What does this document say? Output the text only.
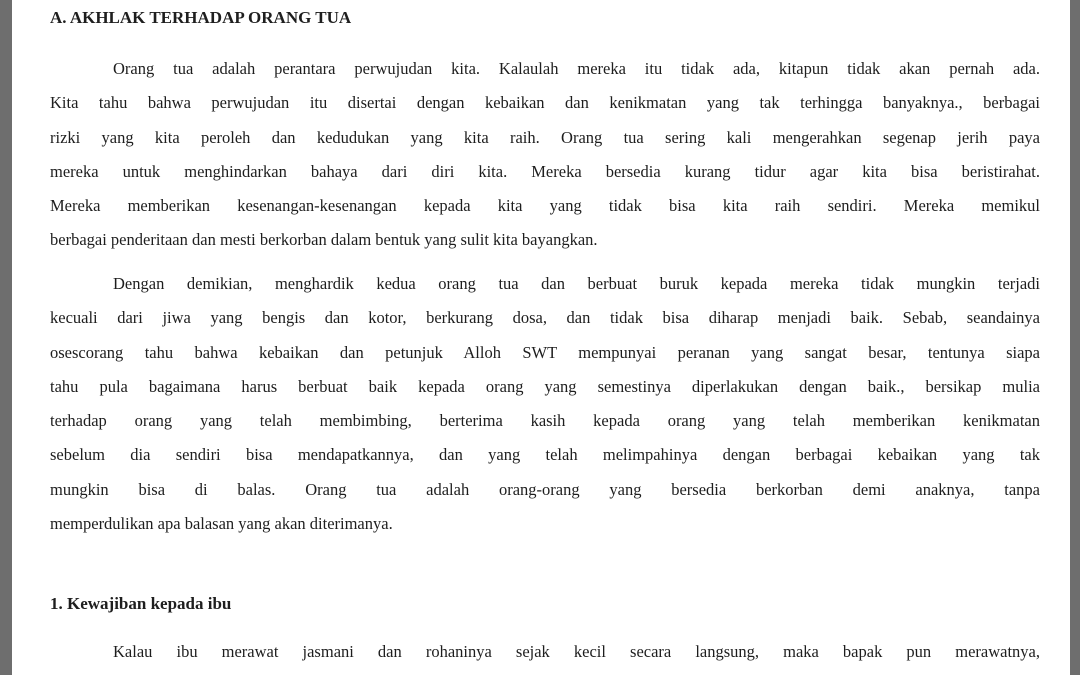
A. AKHLAK TERHADAP ORANG TUA
Orang tua adalah perantara perwujudan kita. Kalaulah mereka itu tidak ada, kitapun tidak akan pernah ada.
Kita tahu bahwa perwujudan itu disertai dengan kebaikan dan kenikmatan yang tak terhingga banyaknya., berbagai
rizki yang kita peroleh dan kedudukan yang kita raih. Orang tua sering kali mengerahkan segenap jerih paya
mereka untuk menghindarkan bahaya dari diri kita. Mereka bersedia kurang tidur agar kita bisa beristirahat.
Mereka memberikan kesenangan-kesenangan kepada kita yang tidak bisa kita raih sendiri. Mereka memikul
berbagai penderitaan dan mesti berkorban dalam bentuk yang sulit kita bayangkan.
Dengan demikian, menghardik kedua orang tua dan berbuat buruk kepada mereka tidak mungkin terjadi
kecuali dari jiwa yang bengis dan kotor, berkurang dosa, dan tidak bisa diharap menjadi baik. Sebab, seandainya
osescorang tahu bahwa kebaikan dan petunjuk Alloh SWT mempunyai peranan yang sangat besar, tentunya siapa
tahu pula bagaimana harus berbuat baik kepada orang yang semestinya diperlakukan dengan baik., bersikap mulia
terhadap orang yang telah membimbing, berterima kasih kepada orang yang telah memberikan kenikmatan
sebelum dia sendiri bisa mendapatkannya, dan yang telah melimpahinya dengan berbagai kebaikan yang tak
mungkin bisa di balas. Orang tua adalah orang-orang yang bersedia berkorban demi anaknya, tanpa
memperdulikan apa balasan yang akan diterimanya.
1. Kewajiban kepada ibu
Kalau ibu merawat jasmani dan rohaninya sejak kecil secara langsung, maka bapak pun merawatnya,
